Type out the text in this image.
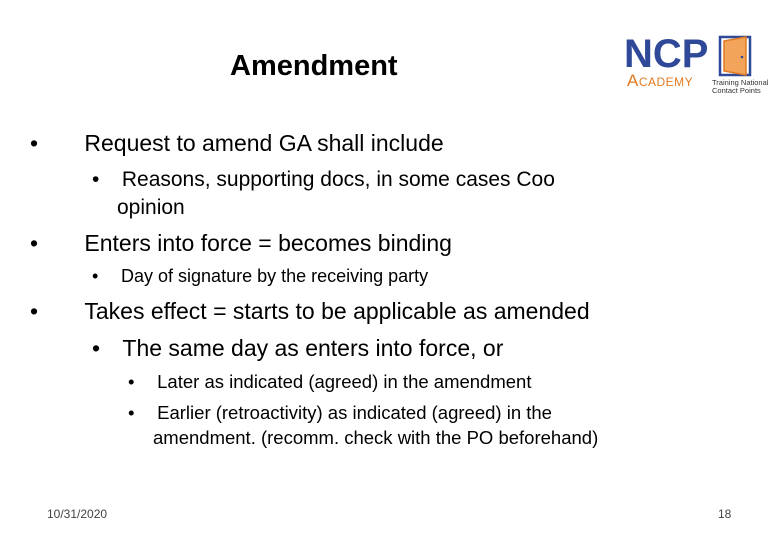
Amendment	NCP
Academy	Training National
Contact Points
• Request to amend GA shall include
• Reasons, supporting docs, in some cases Coo
opinion
• Enters into force = becomes binding
• Day of signature by the receiving party
• Takes effect = starts to be applicable as amended
• The same day as enters into force, or
• Later as indicated (agreed) in the amendment
• Earlier (retroactivity) as indicated (agreed) in the
amendment. (recomm. check with the PO beforehand)
10/31/2020	18
